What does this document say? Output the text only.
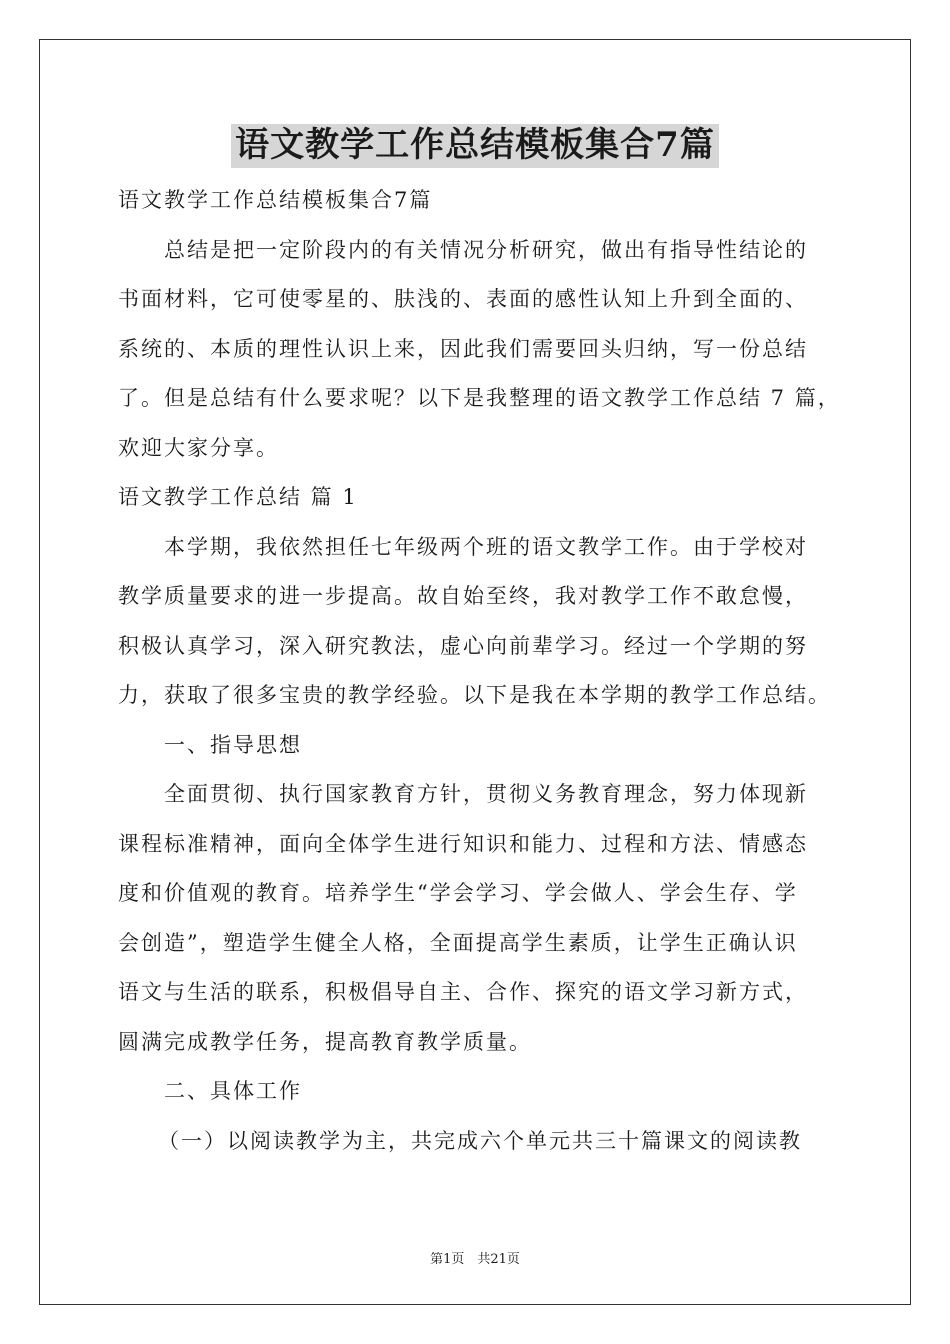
语文教学工作总结模板集合7篇
语文教学工作总结模板集合7篇
总结是把一定阶段内的有关情况分析研究，做出有指导性结论的
书面材料，它可使零星的、肤浅的、表面的感性认知上升到全面的、
系统的、本质的理性认识上来，因此我们需要回头归纳，写一份总结
了。但是总结有什么要求呢？以下是我整理的语文教学工作总结 7 篇，
欢迎大家分享。
语文教学工作总结 篇 1
本学期，我依然担任七年级两个班的语文教学工作。由于学校对
教学质量要求的进一步提高。故自始至终，我对教学工作不敢怠慢，
积极认真学习，深入研究教法，虚心向前辈学习。经过一个学期的努
力，获取了很多宝贵的教学经验。以下是我在本学期的教学工作总结。
一、指导思想
全面贯彻、执行国家教育方针，贯彻义务教育理念，努力体现新
课程标准精神，面向全体学生进行知识和能力、过程和方法、情感态
度和价值观的教育。培养学生“学会学习、学会做人、学会生存、学
会创造”，塑造学生健全人格，全面提高学生素质，让学生正确认识
语文与生活的联系，积极倡导自主、合作、探究的语文学习新方式，
圆满完成教学任务，提高教育教学质量。
二、具体工作
（一）以阅读教学为主，共完成六个单元共三十篇课文的阅读教
第1页　共21页
